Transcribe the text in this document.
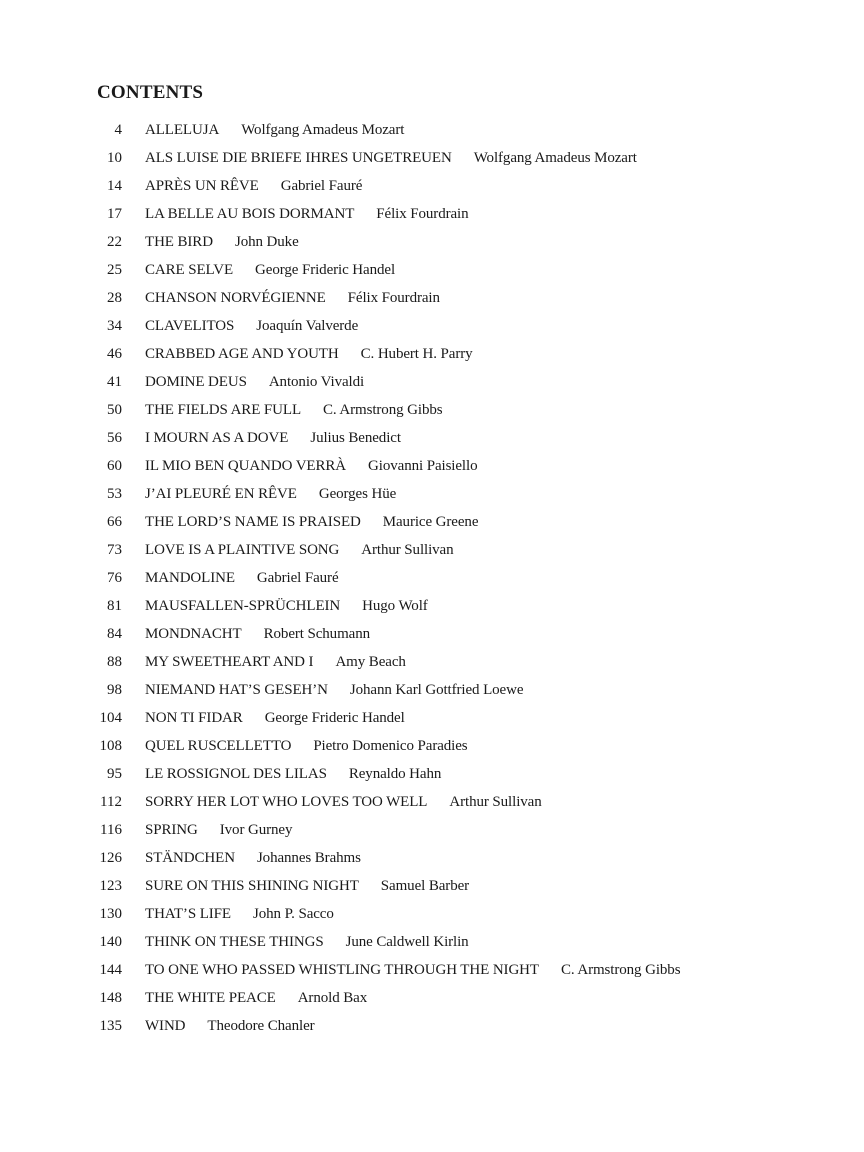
CONTENTS
4 ALLELUJA Wolfgang Amadeus Mozart
10 ALS LUISE DIE BRIEFE IHRES UNGETREUEN Wolfgang Amadeus Mozart
14 APRÈS UN RÊVE Gabriel Fauré
17 LA BELLE AU BOIS DORMANT Félix Fourdrain
22 THE BIRD John Duke
25 CARE SELVE George Frideric Handel
28 CHANSON NORVÉGIENNE Félix Fourdrain
34 CLAVELITOS Joaquín Valverde
46 CRABBED AGE AND YOUTH C. Hubert H. Parry
41 DOMINE DEUS Antonio Vivaldi
50 THE FIELDS ARE FULL C. Armstrong Gibbs
56 I MOURN AS A DOVE Julius Benedict
60 IL MIO BEN QUANDO VERRÀ Giovanni Paisiello
53 J’AI PLEURÉ EN RÊVE Georges Hüe
66 THE LORD’S NAME IS PRAISED Maurice Greene
73 LOVE IS A PLAINTIVE SONG Arthur Sullivan
76 MANDOLINE Gabriel Fauré
81 MAUSFALLEN-SPRÜCHLEIN Hugo Wolf
84 MONDNACHT Robert Schumann
88 MY SWEETHEART AND I Amy Beach
98 NIEMAND HAT’S GESEH’N Johann Karl Gottfried Loewe
104 NON TI FIDAR George Frideric Handel
108 QUEL RUSCELLETTO Pietro Domenico Paradies
95 LE ROSSIGNOL DES LILAS Reynaldo Hahn
112 SORRY HER LOT WHO LOVES TOO WELL Arthur Sullivan
116 SPRING Ivor Gurney
126 STÄNDCHEN Johannes Brahms
123 SURE ON THIS SHINING NIGHT Samuel Barber
130 THAT’S LIFE John P. Sacco
140 THINK ON THESE THINGS June Caldwell Kirlin
144 TO ONE WHO PASSED WHISTLING THROUGH THE NIGHT C. Armstrong Gibbs
148 THE WHITE PEACE Arnold Bax
135 WIND Theodore Chanler
